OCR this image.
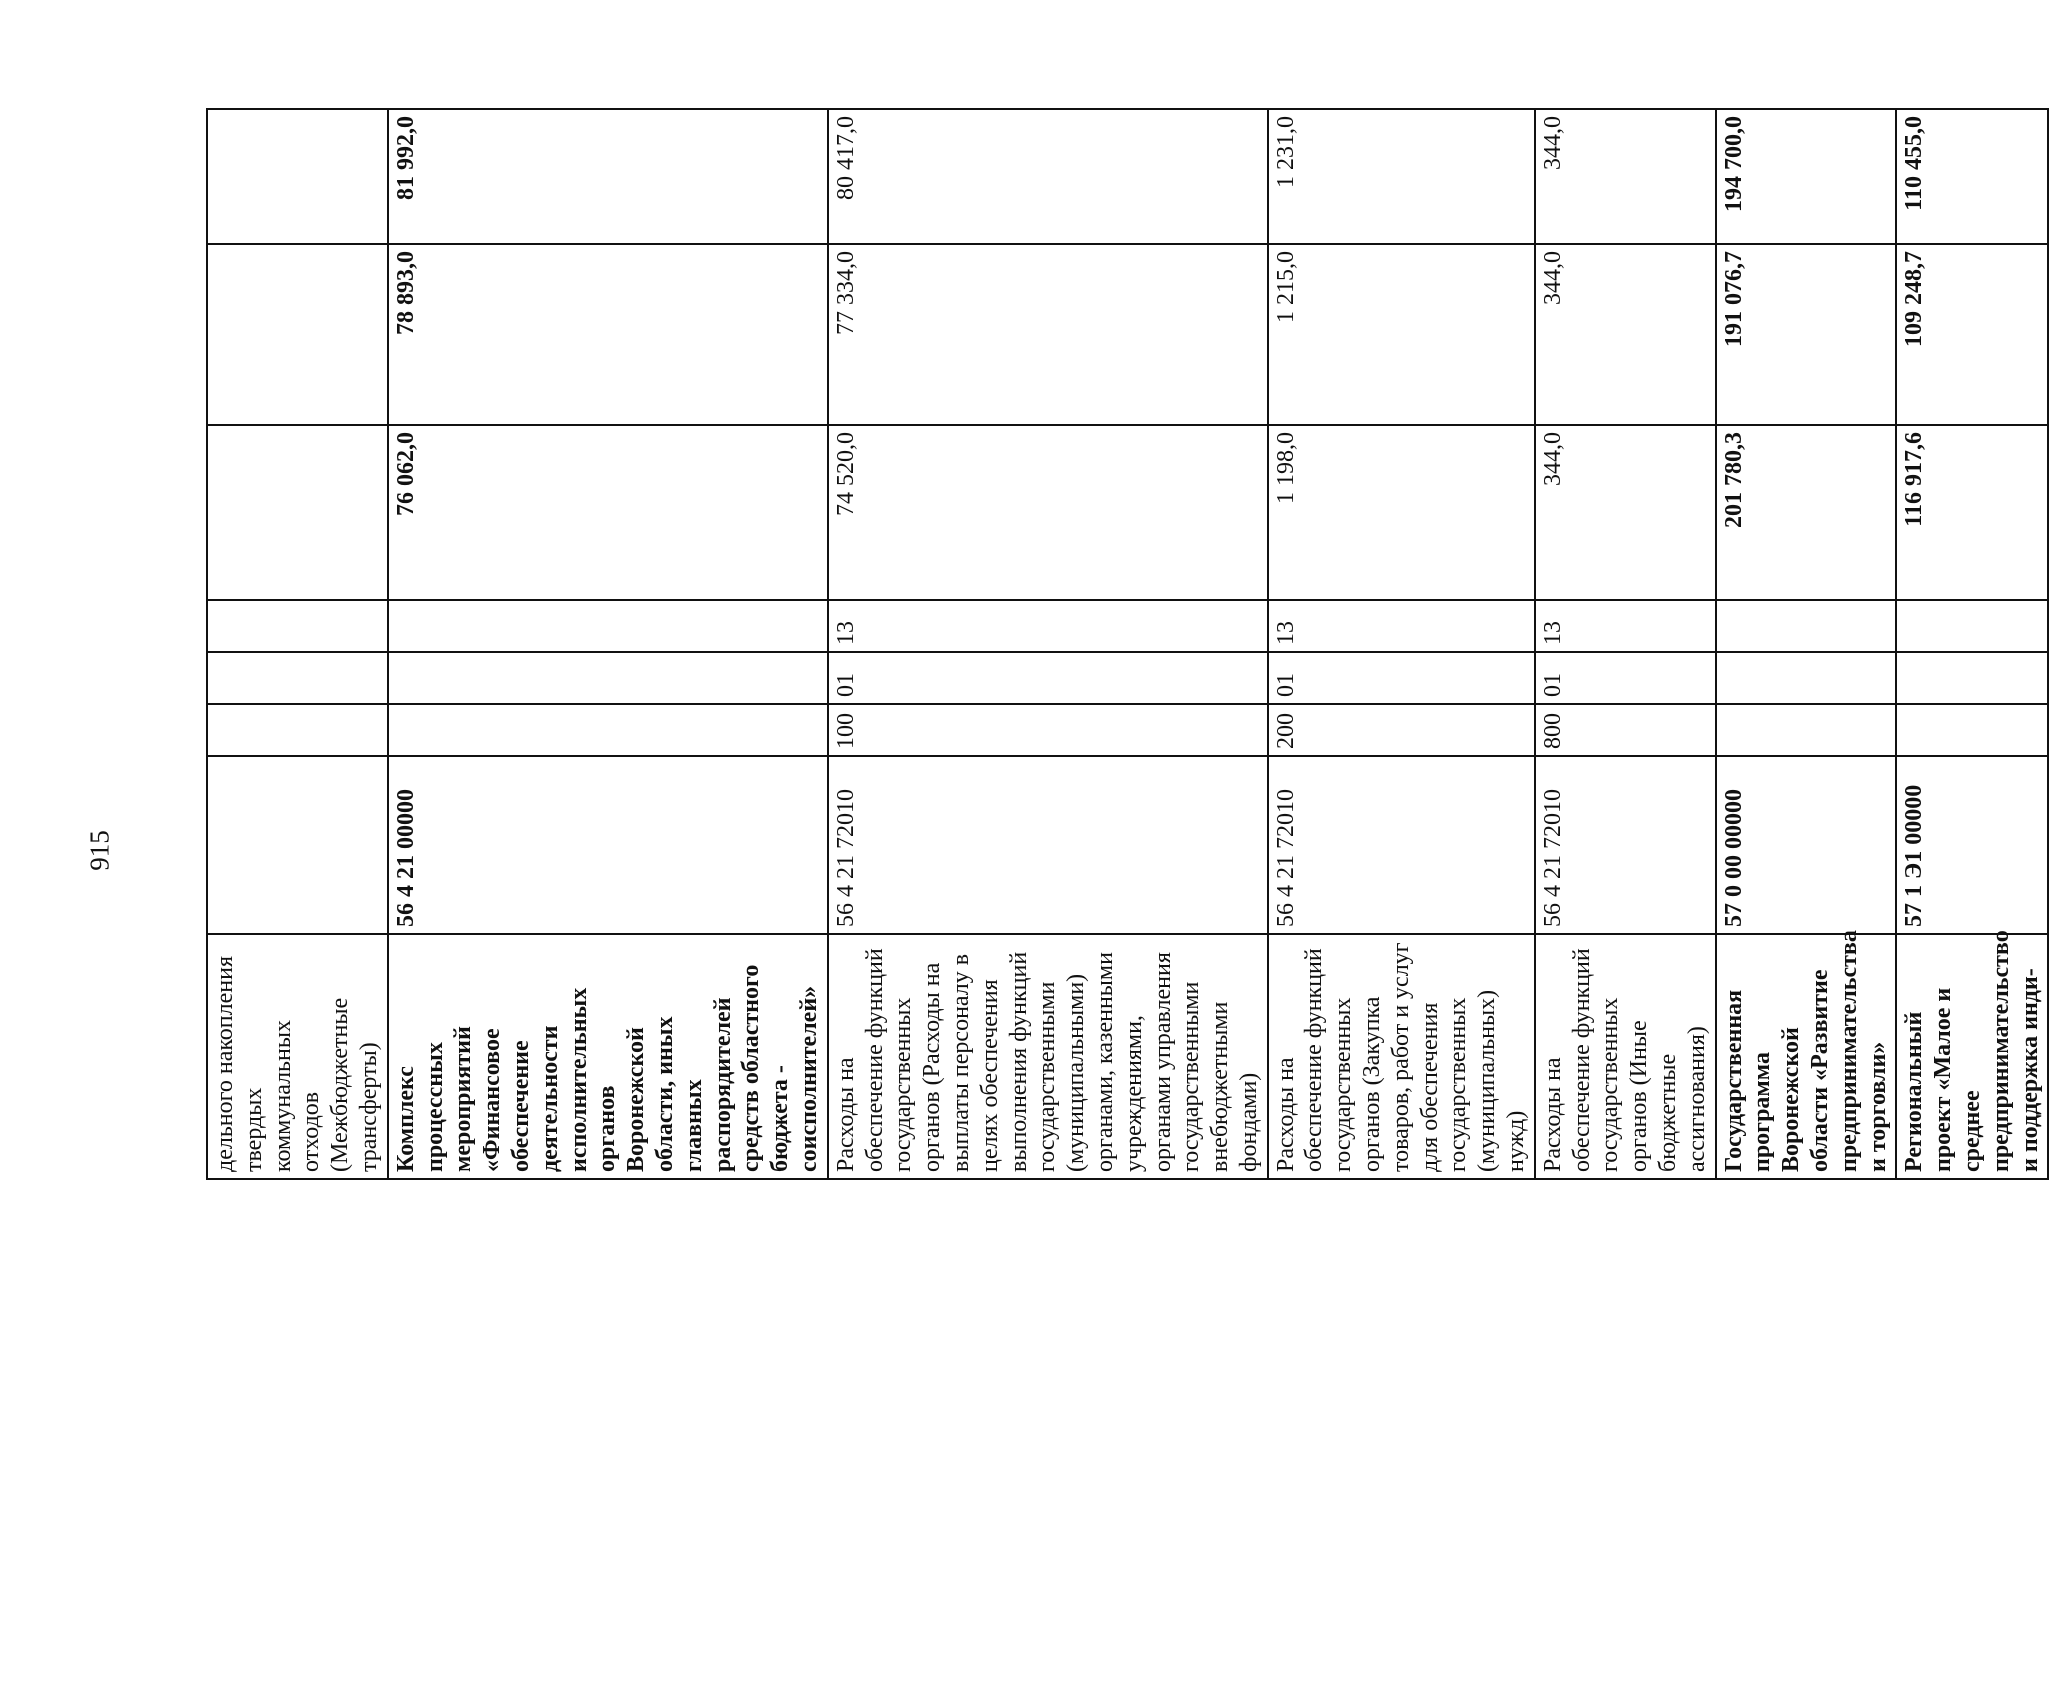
915
дельного накопления твердых коммунальных отходов (Межбюджетные трансферты)							
Комплекс процессных мероприятий «Финансовое обеспечение деятельности исполнительных органов Воронежской области, иных главных распорядителей средств областного бюджета - соисполнителей»	56 4 21 00000				76 062,0	78 893,0	81 992,0
Расходы на обеспечение функций государственных органов (Расходы на выплаты персоналу в целях обеспечения выполнения функций государственными (муниципальными) органами, казенными учреждениями, органами управления государственными внебюджетными фондами)	56 4 21 72010	100	01	13	74 520,0	77 334,0	80 417,0
Расходы на обеспечение функций государственных органов (Закупка товаров, работ и услуг для обеспечения государственных (муниципальных) нужд)	56 4 21 72010	200	01	13	1 198,0	1 215,0	1 231,0
Расходы на обеспечение функций государственных органов (Иные бюджетные ассигнования)	56 4 21 72010	800	01	13	344,0	344,0	344,0
Государственная программа Воронежской области «Развитие предпринимательства и торговли»	57 0 00 00000				201 780,3	191 076,7	194 700,0
Региональный проект «Малое и среднее предпринимательство и поддержка инди-	57 1 Э1 00000				116 917,6	109 248,7	110 455,0
